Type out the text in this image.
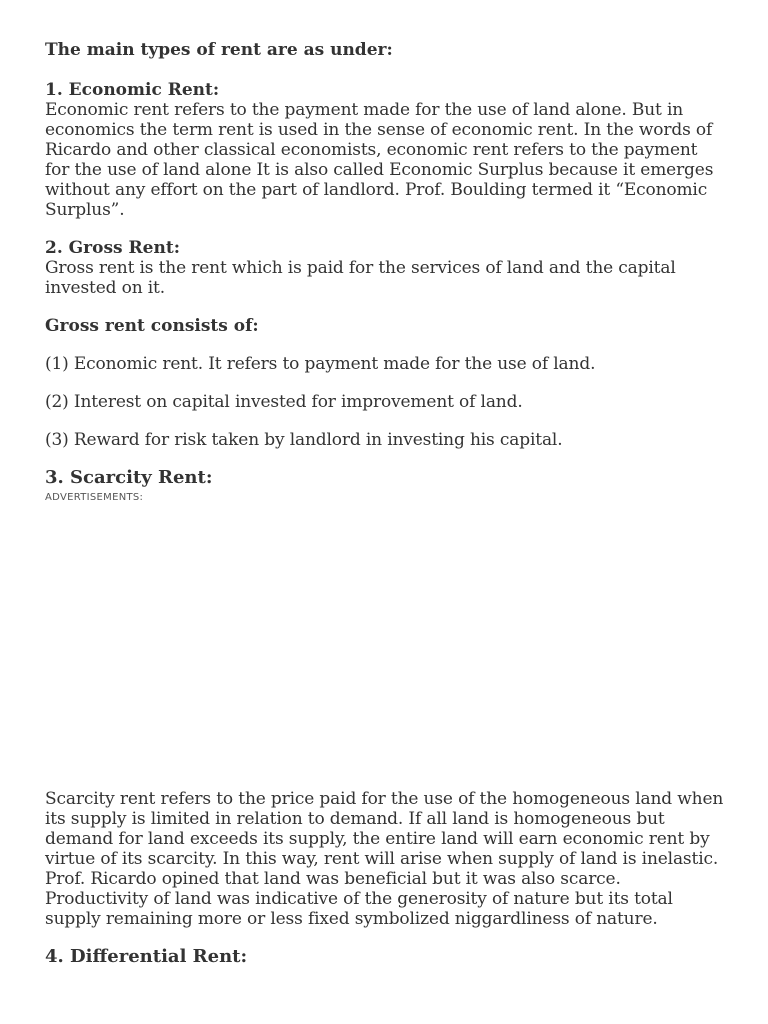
The main types of rent are as under:

1. Economic Rent:

Economic rent refers to the payment made for the use of land alone. But in economics the term rent is used in the sense of economic rent. In the words of Ricardo and other classical economists, economic rent refers to the payment for the use of land alone It is also called Economic Surplus because it emerges without any effort on the part of landlord. Prof. Boulding termed it “Economic Surplus”.

2. Gross Rent:

Gross rent is the rent which is paid for the services of land and the capital invested on it.

Gross rent consists of:

(1) Economic rent. It refers to payment made for the use of land.

(2) Interest on capital invested for improvement of land.

(3) Reward for risk taken by landlord in investing his capital.

3. Scarcity Rent:

ADVERTISEMENTS:

Scarcity rent refers to the price paid for the use of the homogeneous land when its supply is limited in relation to demand. If all land is homogeneous but demand for land exceeds its supply, the entire land will earn economic rent by virtue of its scarcity. In this way, rent will arise when supply of land is inelastic. Prof. Ricardo opined that land was beneficial but it was also scarce. Productivity of land was indicative of the generosity of nature but its total supply remaining more or less fixed symbolized niggardliness of nature.

4. Differential Rent:
